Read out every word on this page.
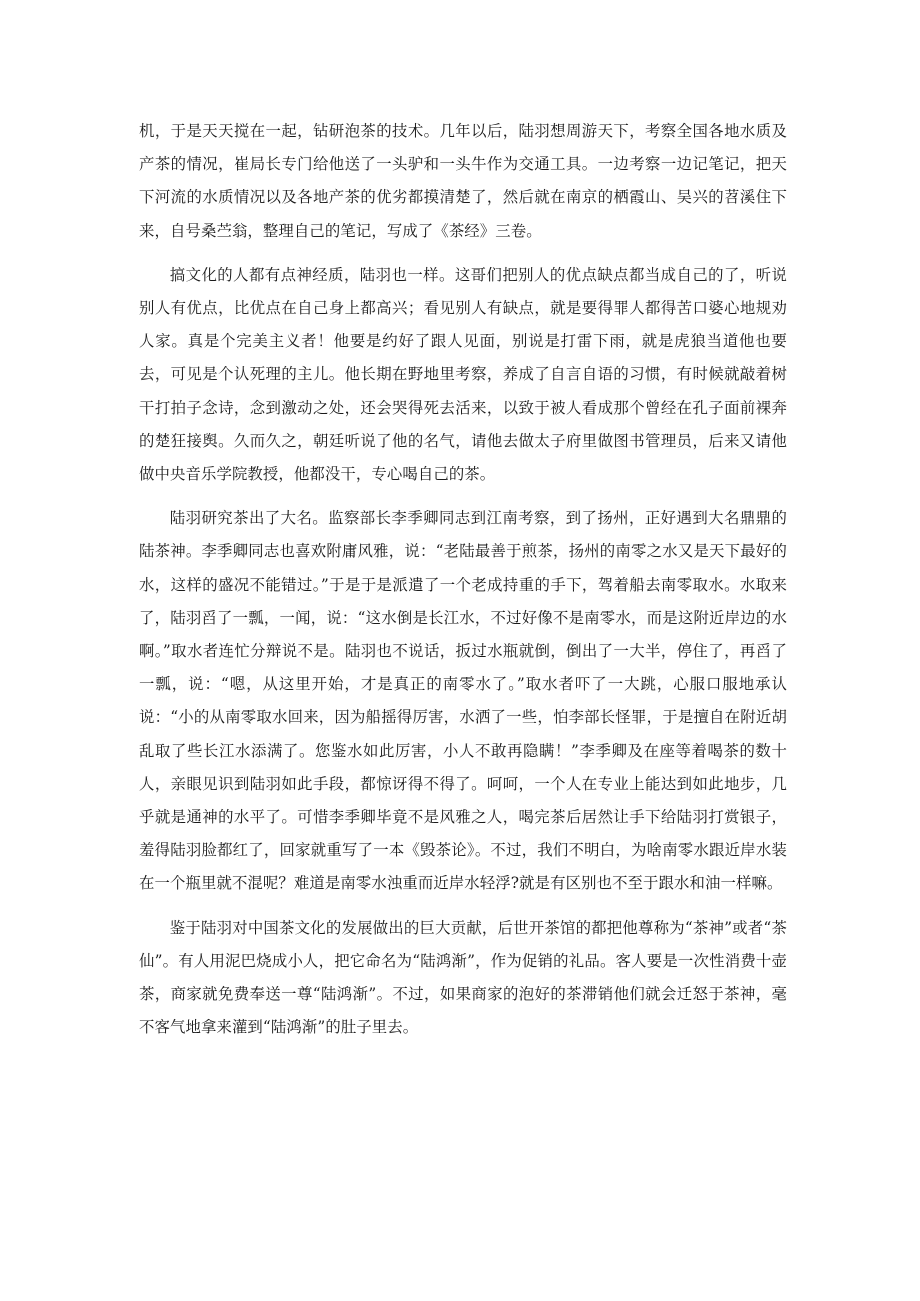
机，于是天天搅在一起，钻研泡茶的技术。几年以后，陆羽想周游天下，考察全国各地水质及产茶的情况，崔局长专门给他送了一头驴和一头牛作为交通工具。一边考察一边记笔记，把天下河流的水质情况以及各地产茶的优劣都摸清楚了，然后就在南京的栖霞山、吴兴的苕溪住下来，自号桑苎翁，整理自己的笔记，写成了《茶经》三卷。

搞文化的人都有点神经质，陆羽也一样。这哥们把别人的优点缺点都当成自己的了，听说别人有优点，比优点在自己身上都高兴；看见别人有缺点，就是要得罪人都得苦口婆心地规劝人家。真是个完美主义者！他要是约好了跟人见面，别说是打雷下雨，就是虎狼当道他也要去，可见是个认死理的主儿。他长期在野地里考察，养成了自言自语的习惯，有时候就敲着树干打拍子念诗，念到激动之处，还会哭得死去活来，以致于被人看成那个曾经在孔子面前裸奔的楚狂接舆。久而久之，朝廷听说了他的名气，请他去做太子府里做图书管理员，后来又请他做中央音乐学院教授，他都没干，专心喝自己的茶。

陆羽研究茶出了大名。监察部长李季卿同志到江南考察，到了扬州，正好遇到大名鼎鼎的陆茶神。李季卿同志也喜欢附庸风雅，说：“老陆最善于煎茶，扬州的南零之水又是天下最好的水，这样的盛况不能错过。”于是于是派遣了一个老成持重的手下，驾着船去南零取水。水取来了，陆羽舀了一瓢，一闻，说：“这水倒是长江水，不过好像不是南零水，而是这附近岸边的水啊。”取水者连忙分辩说不是。陆羽也不说话，扳过水瓶就倒，倒出了一大半，停住了，再舀了一瓢，说：“嗯，从这里开始，才是真正的南零水了。”取水者吓了一大跳，心服口服地承认说：“小的从南零取水回来，因为船摇得厉害，水洒了一些，怕李部长怪罪，于是擅自在附近胡乱取了些长江水添满了。您鉴水如此厉害，小人不敢再隐瞒！”李季卿及在座等着喝茶的数十人，亲眼见识到陆羽如此手段，都惊讶得不得了。呵呵，一个人在专业上能达到如此地步，几乎就是通神的水平了。可惜李季卿毕竟不是风雅之人，喝完茶后居然让手下给陆羽打赏银子，羞得陆羽脸都红了，回家就重写了一本《毁茶论》。不过，我们不明白，为啥南零水跟近岸水装在一个瓶里就不混呢？难道是南零水浊重而近岸水轻浮?就是有区别也不至于跟水和油一样嘛。

鉴于陆羽对中国茶文化的发展做出的巨大贡献，后世开茶馆的都把他尊称为“茶神”或者“茶仙”。有人用泥巴烧成小人，把它命名为“陆鸿渐”，作为促销的礼品。客人要是一次性消费十壶茶，商家就免费奉送一尊“陆鸿渐”。不过，如果商家的泡好的茶滞销他们就会迁怒于茶神，毫不客气地拿来灌到“陆鸿渐”的肚子里去。
